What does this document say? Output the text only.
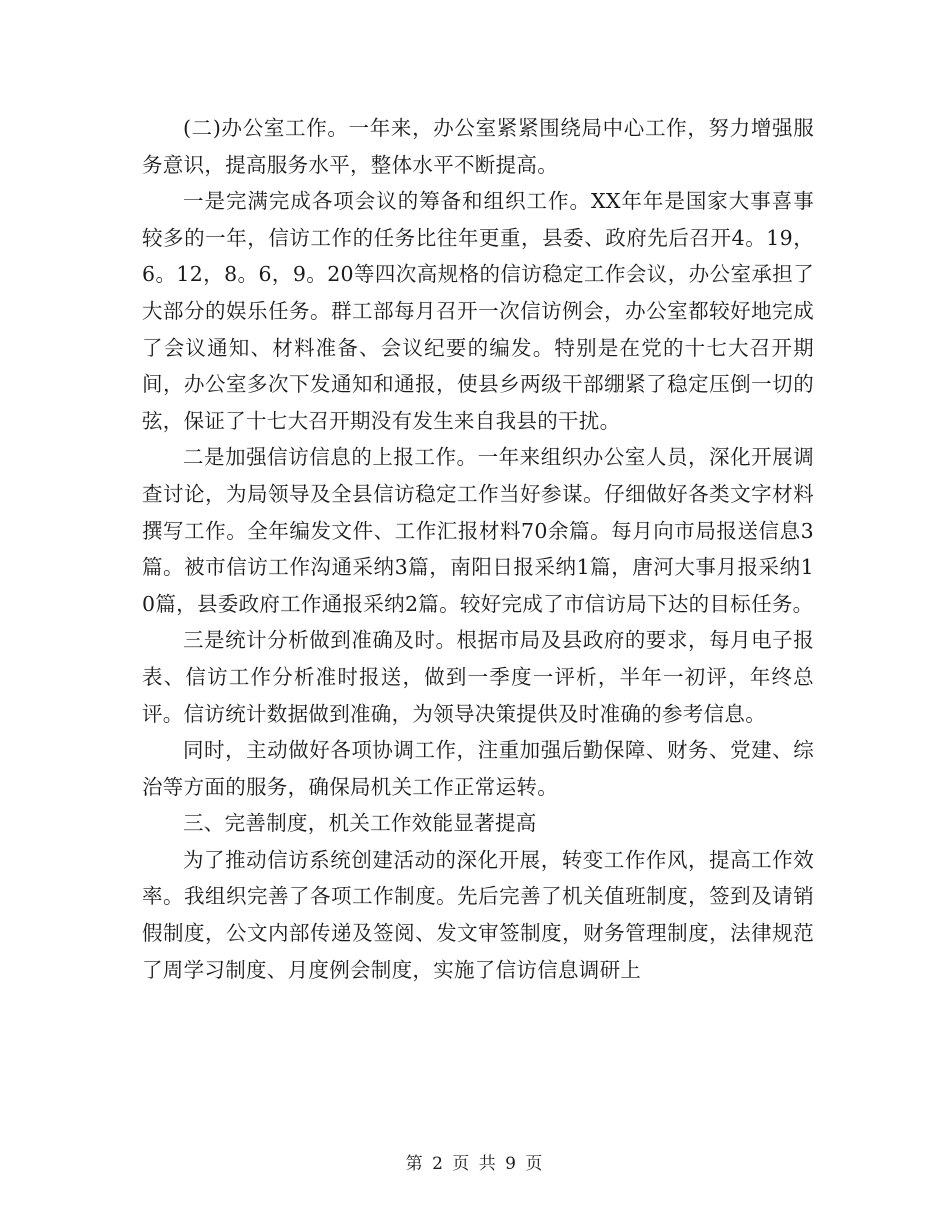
(二)办公室工作。一年来，办公室紧紧围绕局中心工作，努力增强服务意识，提高服务水平，整体水平不断提高。

一是完满完成各项会议的筹备和组织工作。XX年年是国家大事喜事较多的一年，信访工作的任务比往年更重，县委、政府先后召开4。19，6。12，8。6，9。20等四次高规格的信访稳定工作会议，办公室承担了大部分的娱乐任务。群工部每月召开一次信访例会，办公室都较好地完成了会议通知、材料准备、会议纪要的编发。特别是在党的十七大召开期间，办公室多次下发通知和通报，使县乡两级干部绷紧了稳定压倒一切的弦，保证了十七大召开期没有发生来自我县的干扰。

二是加强信访信息的上报工作。一年来组织办公室人员，深化开展调查讨论，为局领导及全县信访稳定工作当好参谋。仔细做好各类文字材料撰写工作。全年编发文件、工作汇报材料70余篇。每月向市局报送信息3篇。被市信访工作沟通采纳3篇，南阳日报采纳1篇，唐河大事月报采纳10篇，县委政府工作通报采纳2篇。较好完成了市信访局下达的目标任务。

三是统计分析做到准确及时。根据市局及县政府的要求，每月电子报表、信访工作分析准时报送，做到一季度一评析，半年一初评，年终总评。信访统计数据做到准确，为领导决策提供及时准确的参考信息。

同时，主动做好各项协调工作，注重加强后勤保障、财务、党建、综治等方面的服务，确保局机关工作正常运转。

三、完善制度，机关工作效能显著提高

为了推动信访系统创建活动的深化开展，转变工作作风，提高工作效率。我组织完善了各项工作制度。先后完善了机关值班制度，签到及请销假制度，公文内部传递及签阅、发文审签制度，财务管理制度，法律规范了周学习制度、月度例会制度，实施了信访信息调研上

第 2 页 共 9 页
